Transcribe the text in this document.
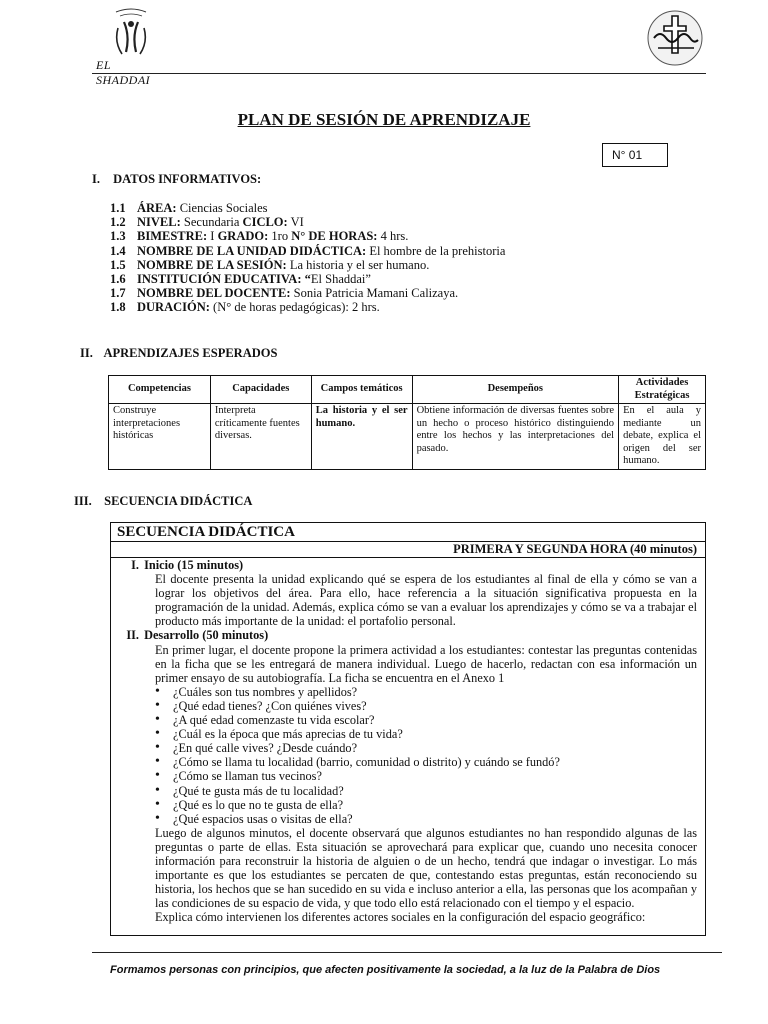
EL SHADDAI
PLAN DE SESIÓN DE APRENDIZAJE
N° 01
I. DATOS INFORMATIVOS:
1.1 ÁREA: Ciencias Sociales
1.2 NIVEL: Secundaria CICLO: VI
1.3 BIMESTRE: I GRADO: 1ro N° DE HORAS: 4 hrs.
1.4 NOMBRE DE LA UNIDAD DIDÁCTICA: El hombre de la prehistoria
1.5 NOMBRE DE LA SESIÓN: La historia y el ser humano.
1.6 INSTITUCIÓN EDUCATIVA: “El Shaddai”
1.7 NOMBRE DEL DOCENTE: Sonia Patricia Mamani Calizaya.
1.8 DURACIÓN: (N° de horas pedagógicas): 2 hrs.
II. APRENDIZAJES ESPERADOS
Competencias	Capacidades	Campos temáticos	Desempeños	Actividades Estratégicas
Construye interpretaciones históricas	Interpreta críticamente fuentes diversas.	La historia y el ser humano.	Obtiene información de diversas fuentes sobre un hecho o proceso histórico distinguiendo entre los hechos y las interpretaciones del pasado.	En el aula y mediante un debate, explica el origen del ser humano.
III. SECUENCIA DIDÁCTICA
SECUENCIA DIDÁCTICA
PRIMERA Y SEGUNDA HORA (40 minutos)
I. Inicio (15 minutos)

El docente presenta la unidad explicando qué se espera de los estudiantes al final de ella y cómo se van a lograr los objetivos del área. Para ello, hace referencia a la situación significativa propuesta en la programación de la unidad. Además, explica cómo se van a evaluar los aprendizajes y cómo se va a trabajar el producto más importante de la unidad: el portafolio personal.

II. Desarrollo (50 minutos)

En primer lugar, el docente propone la primera actividad a los estudiantes: contestar las preguntas contenidas en la ficha que se les entregará de manera individual. Luego de hacerlo, redactan con esa información un primer ensayo de su autobiografía. La ficha se encuentra en el Anexo 1

• ¿Cuáles son tus nombres y apellidos?
• ¿Qué edad tienes? ¿Con quiénes vives?
• ¿A qué edad comenzaste tu vida escolar?
• ¿Cuál es la época que más aprecias de tu vida?
• ¿En qué calle vives? ¿Desde cuándo?
• ¿Cómo se llama tu localidad (barrio, comunidad o distrito) y cuándo se fundó?
• ¿Cómo se llaman tus vecinos?
• ¿Qué te gusta más de tu localidad?
• ¿Qué es lo que no te gusta de ella?
• ¿Qué espacios usas o visitas de ella?

Luego de algunos minutos, el docente observará que algunos estudiantes no han respondido algunas de las preguntas o parte de ellas. Esta situación se aprovechará para explicar que, cuando uno necesita conocer información para reconstruir la historia de alguien o de un hecho, tendrá que indagar o investigar. Lo más importante es que los estudiantes se percaten de que, contestando estas preguntas, están reconociendo su historia, los hechos que se han sucedido en su vida e incluso anterior a ella, las personas que los acompañan y las condiciones de su espacio de vida, y que todo ello está relacionado con el tiempo y el espacio.

Explica cómo intervienen los diferentes actores sociales en la configuración del espacio geográfico:

Formamos personas con principios, que afecten positivamente la sociedad, a la luz de la Palabra de Dios
